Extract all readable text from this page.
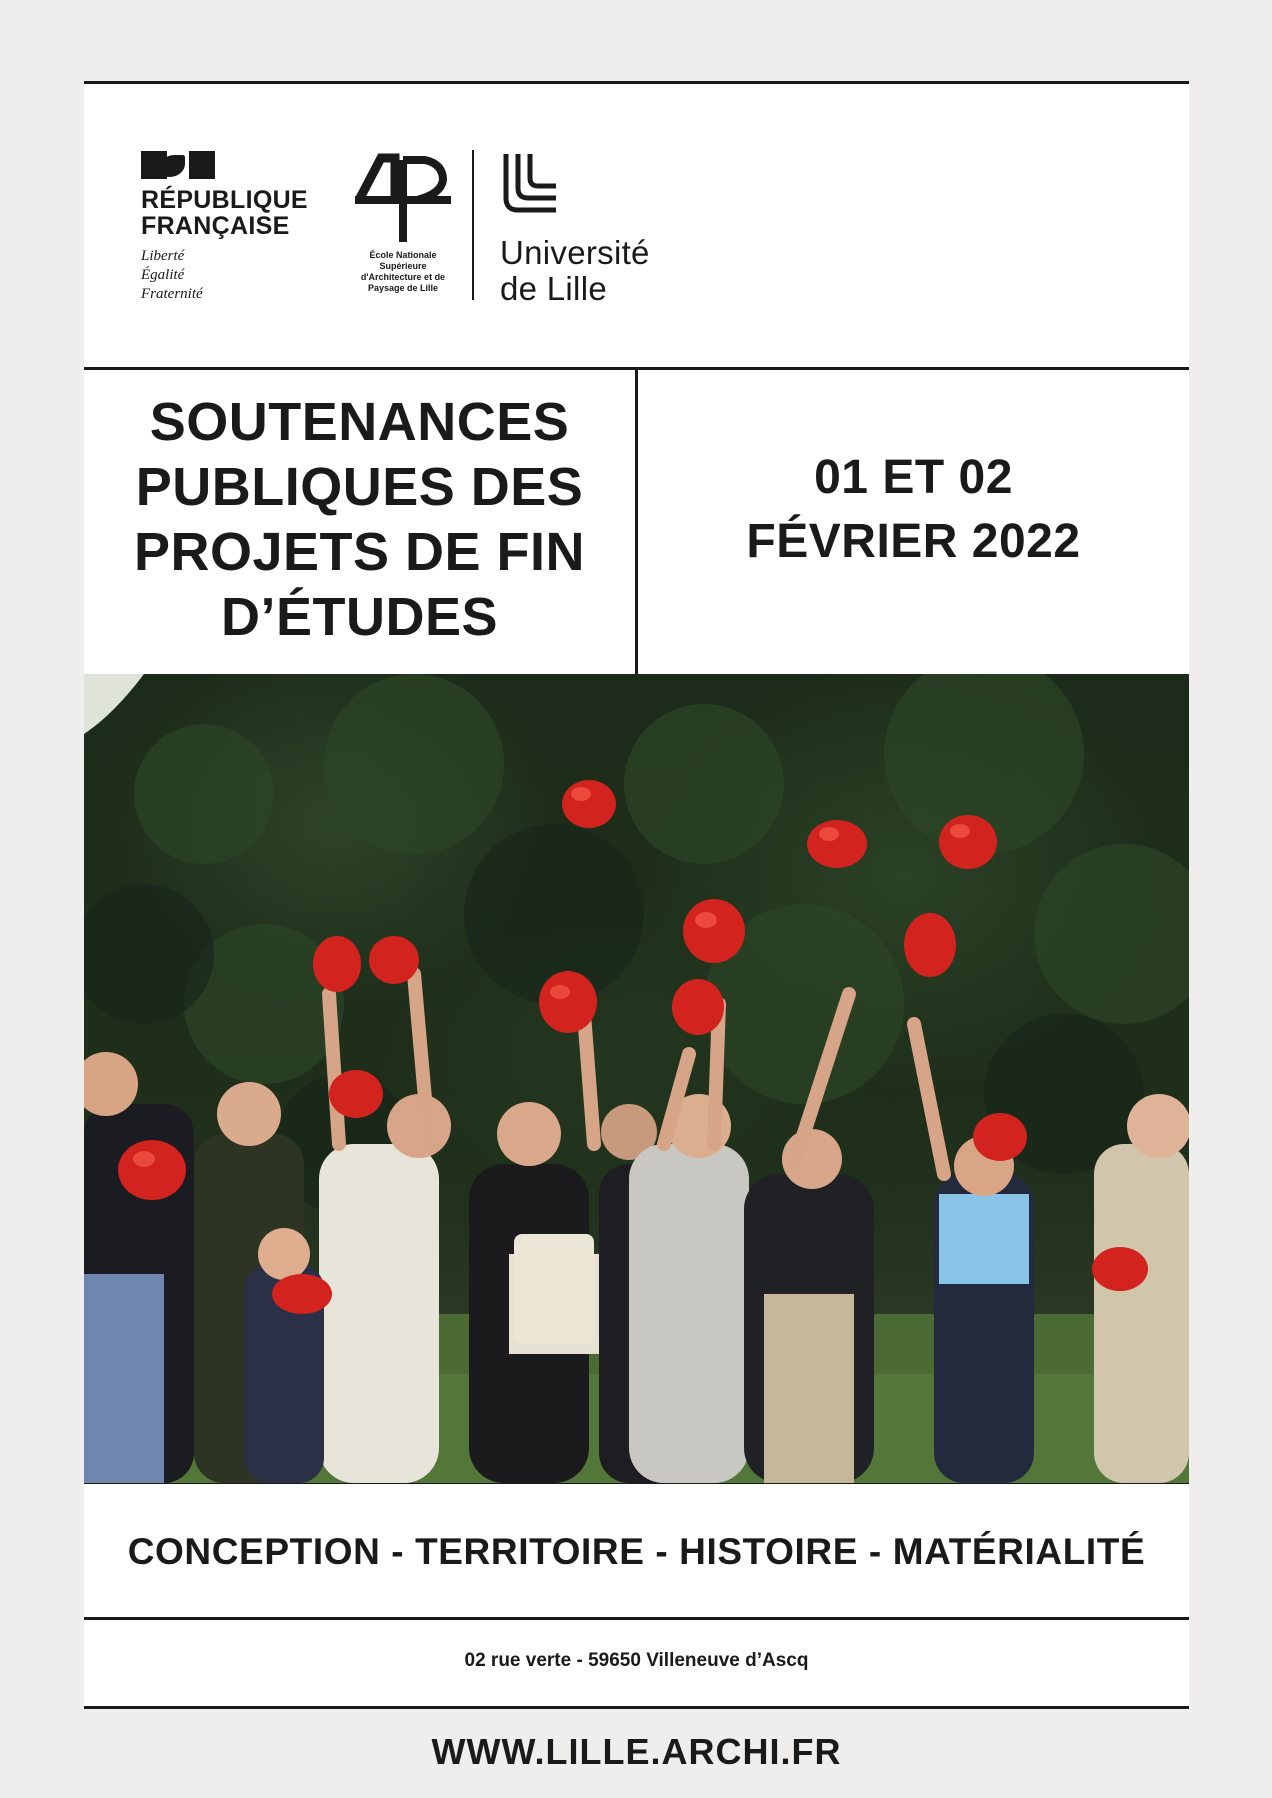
RÉPUBLIQUE
FRANÇAISE
Liberté
Égalité
Fraternité
École Nationale
Supérieure
d'Architecture et de
Paysage de Lille
Université
de Lille
SOUTENANCES
PUBLIQUES DES
PROJETS DE FIN
D’ÉTUDES
01 ET 02
FÉVRIER 2022
CONCEPTION - TERRITOIRE - HISTOIRE - MATÉRIALITÉ
02 rue verte - 59650 Villeneuve d’Ascq
WWW.LILLE.ARCHI.FR
